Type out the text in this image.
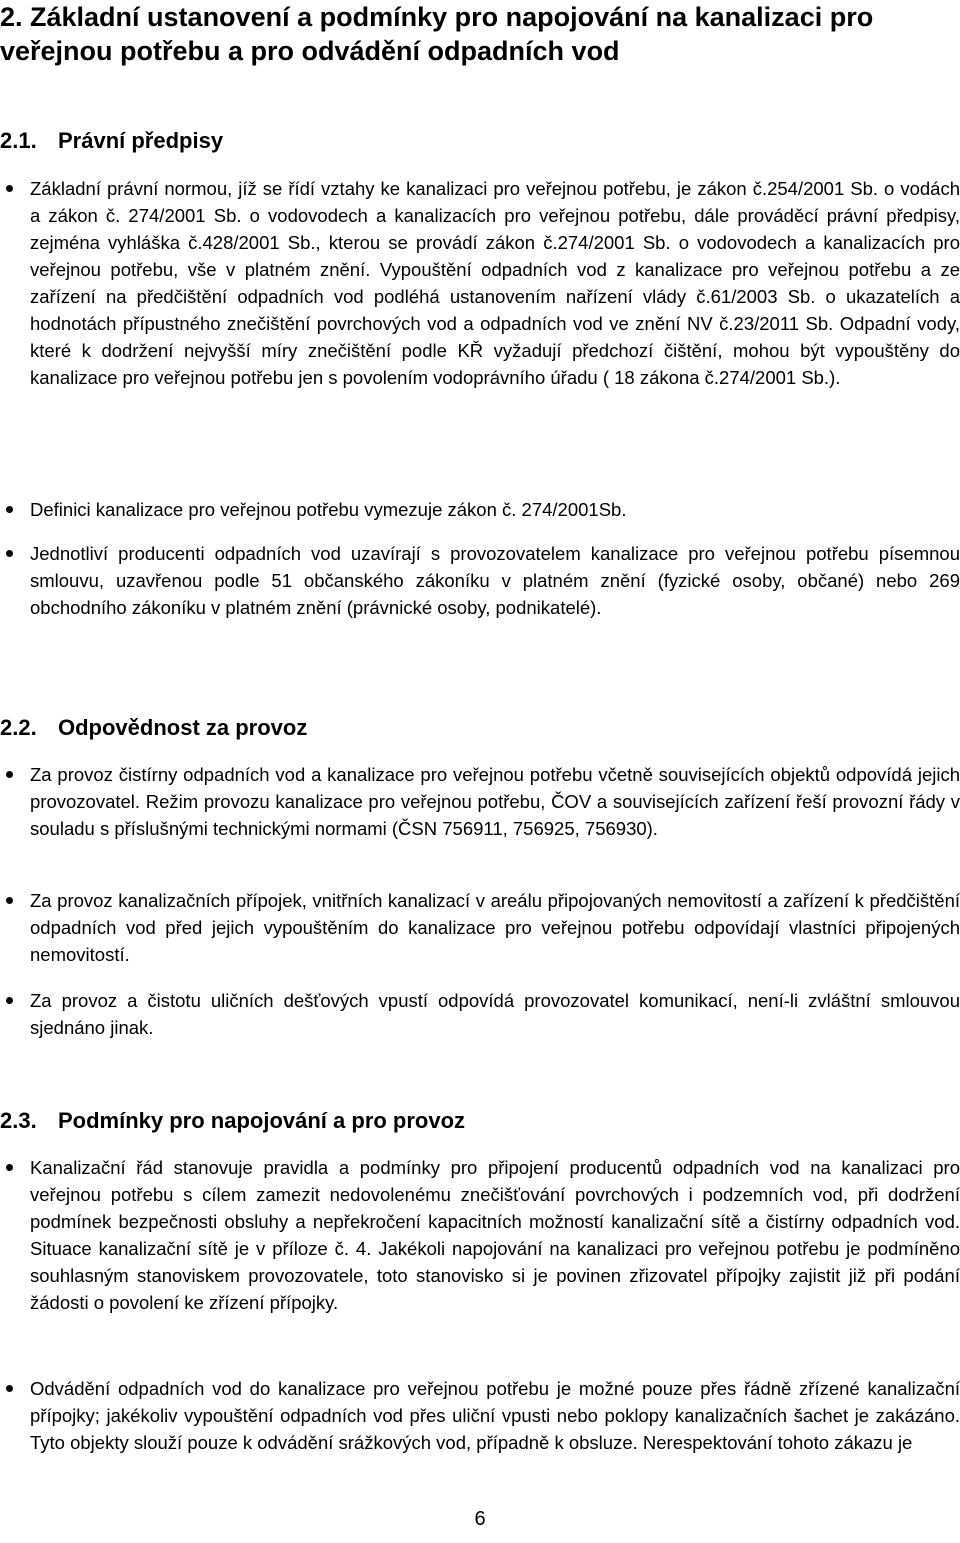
2. Základní ustanovení a podmínky pro napojování na kanalizaci pro veřejnou potřebu a pro odvádění odpadních vod
2.1. Právní předpisy
Základní právní normou, jíž se řídí vztahy ke kanalizaci pro veřejnou potřebu, je zákon č.254/2001 Sb. o vodách a zákon č. 274/2001 Sb. o vodovodech a kanalizacích pro veřejnou potřebu, dále prováděcí právní předpisy, zejména vyhláška č.428/2001 Sb., kterou se provádí zákon č.274/2001 Sb. o vodovodech a kanalizacích pro veřejnou potřebu, vše v platném znění. Vypouštění odpadních vod z kanalizace pro veřejnou potřebu a ze zařízení na předčištění odpadních vod podléhá ustanovením nařízení vlády č.61/2003 Sb. o ukazatelích a hodnotách přípustného znečištění povrchových vod a odpadních vod ve znění NV č.23/2011 Sb. Odpadní vody, které k dodržení nejvyšší míry znečištění podle KŘ vyžadují předchozí čištění, mohou být vypouštěny do kanalizace pro veřejnou potřebu jen s povolením vodoprávního úřadu ( 18 zákona č.274/2001 Sb.).
Definici kanalizace pro veřejnou potřebu vymezuje zákon č. 274/2001Sb.
Jednotliví producenti odpadních vod uzavírají s provozovatelem kanalizace pro veřejnou potřebu písemnou smlouvu, uzavřenou podle 51 občanského zákoníku v platném znění (fyzické osoby, občané) nebo 269 obchodního zákoníku v platném znění (právnické osoby, podnikatelé).
2.2. Odpovědnost za provoz
Za provoz čistírny odpadních vod a kanalizace pro veřejnou potřebu včetně souvisejících objektů odpovídá jejich provozovatel. Režim provozu kanalizace pro veřejnou potřebu, ČOV a souvisejících zařízení řeší provozní řády v souladu s příslušnými technickými normami (ČSN 756911, 756925, 756930).
Za provoz kanalizačních přípojek, vnitřních kanalizací v areálu připojovaných nemovitostí a zařízení k předčištění odpadních vod před jejich vypouštěním do kanalizace pro veřejnou potřebu odpovídají vlastníci připojených nemovitostí.
Za provoz a čistotu uličních dešťových vpustí odpovídá provozovatel komunikací, není-li zvláštní smlouvou sjednáno jinak.
2.3. Podmínky pro napojování a pro provoz
Kanalizační řád stanovuje pravidla a podmínky pro připojení producentů odpadních vod na kanalizaci pro veřejnou potřebu s cílem zamezit nedovolenému znečišťování povrchových i podzemních vod, při dodržení podmínek bezpečnosti obsluhy a nepřekročení kapacitních možností kanalizační sítě a čistírny odpadních vod. Situace kanalizační sítě je v příloze č. 4. Jakékoli napojování na kanalizaci pro veřejnou potřebu je podmíněno souhlasným stanoviskem provozovatele, toto stanovisko si je povinen zřizovatel přípojky zajistit již při podání žádosti o povolení ke zřízení přípojky.
Odvádění odpadních vod do kanalizace pro veřejnou potřebu je možné pouze přes řádně zřízené kanalizační přípojky; jakékoliv vypouštění odpadních vod přes uliční vpusti nebo poklopy kanalizačních šachet je zakázáno. Tyto objekty slouží pouze k odvádění srážkových vod, případně k obsluze. Nerespektování tohoto zákazu je
6
